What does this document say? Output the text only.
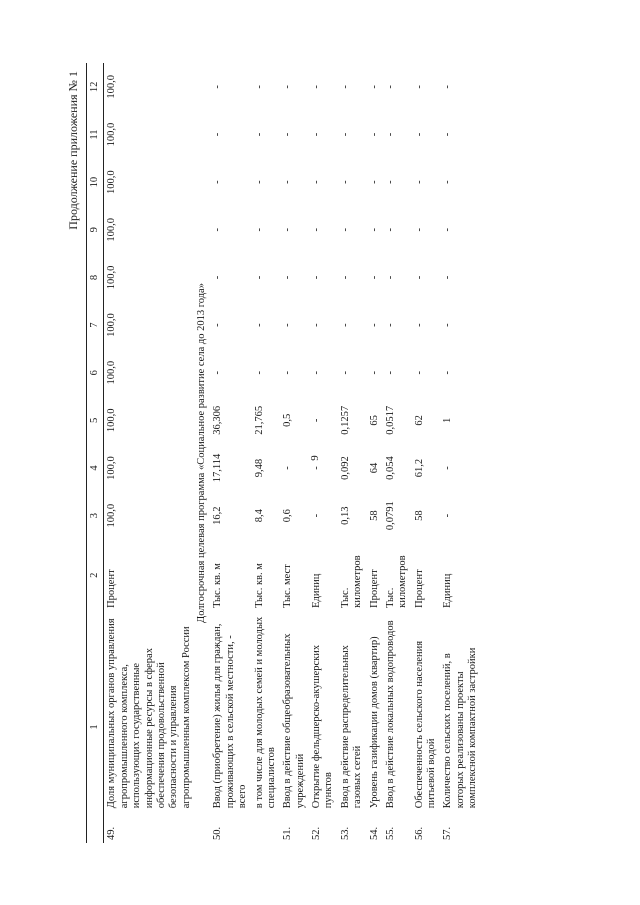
9
Продолжение приложения № 1
1		2	3	4	5	6	7	8	9	10	11	12
49.	Доля муниципальных органов управления агропромышленного комплекса, использующих государственные информационные ресурсы в сферах обеспечения продовольственной безопасности и управления агропромышленным комплексом России	Процент	100,0	100,0	100,0	100,0	100,0	100,0	100,0	100,0	100,0	100,0
Долгосрочная целевая программа «Социальное развитие села до 2013 года»												
50.	Ввод (приобретение) жилья для граждан, проживающих в сельской местности, - всего	Тыс. кв. м	16,2	17,114	36,306	-	-	-	-	-	-	-
	в том числе для молодых семей и молодых специалистов	Тыс. кв. м	8,4	9,48	21,765	-	-	-	-	-	-	-
51.	Ввод в действие общеобразовательных учреждений	Тыс. мест	0,6	-	0,5	-	-	-	-	-	-	-
52.	Открытие фельдшерско-акушерских пунктов	Единиц	-	-	-	-	-	-	-	-	-	-
53.	Ввод в действие распределительных газовых сетей	Тыс. километров	0,13	0,092	0,1257	-	-	-	-	-	-	-
54.	Уровень газификации домов (квартир)	Процент	58	64	65	-	-	-	-	-	-	-
55.	Ввод в действие локальных водопроводов	Тыс. километров	0,0791	0,054	0,0517	-	-	-	-	-	-	-
56.	Обеспеченность сельского населения питьевой водой	Процент	58	61,2	62	-	-	-	-	-	-	-
57.	Количество сельских поселений, в которых реализованы проекты комплексной компактной застройки	Единиц	-	-	1	-	-	-	-	-	-	-
